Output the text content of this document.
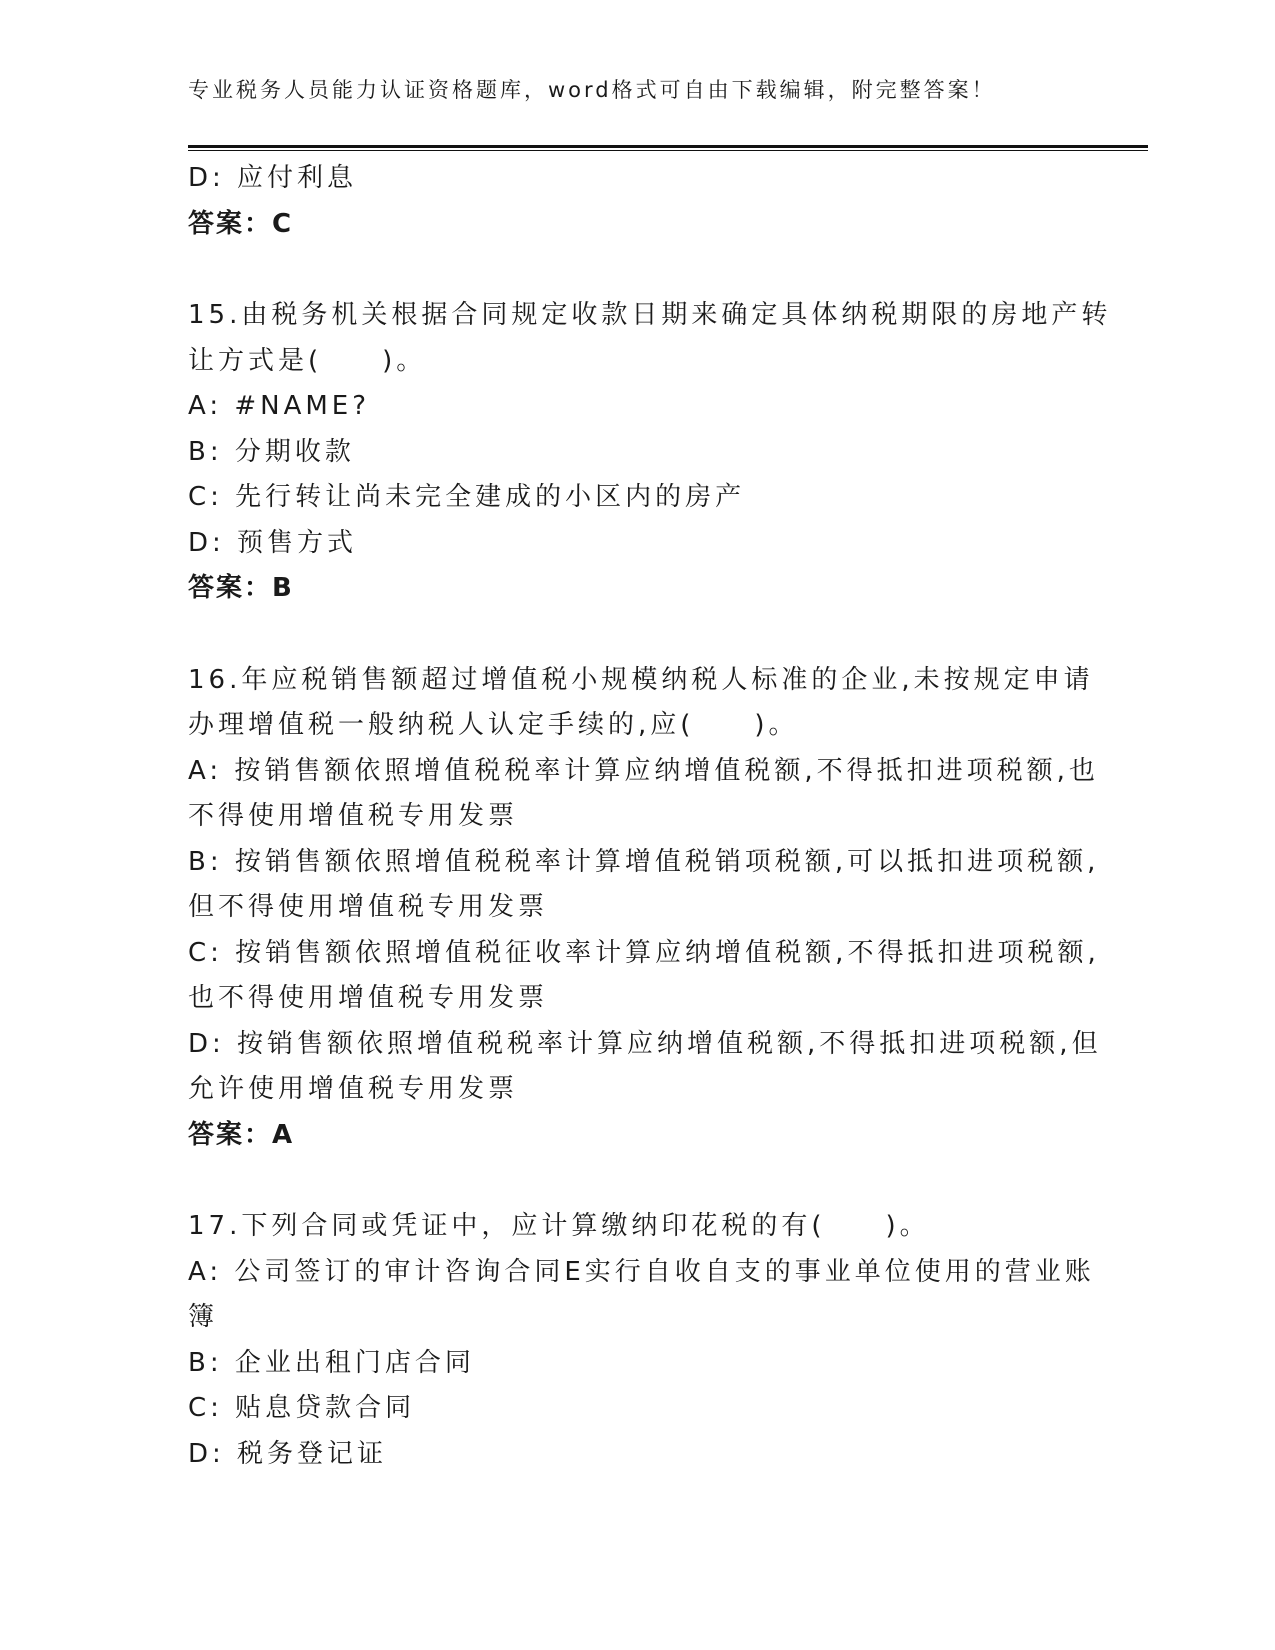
专业税务人员能力认证资格题库，word格式可自由下载编辑，附完整答案！
D: 应付利息
答案：C
15.由税务机关根据合同规定收款日期来确定具体纳税期限的房地产转
让方式是(　　)。
A: #NAME?
B: 分期收款
C: 先行转让尚未完全建成的小区内的房产
D: 预售方式
答案：B
16.年应税销售额超过增值税小规模纳税人标准的企业,未按规定申请
办理增值税一般纳税人认定手续的,应(　　)。
A: 按销售额依照增值税税率计算应纳增值税额,不得抵扣进项税额,也
不得使用增值税专用发票
B: 按销售额依照增值税税率计算增值税销项税额,可以抵扣进项税额,
但不得使用增值税专用发票
C: 按销售额依照增值税征收率计算应纳增值税额,不得抵扣进项税额,
也不得使用增值税专用发票
D: 按销售额依照增值税税率计算应纳增值税额,不得抵扣进项税额,但
允许使用增值税专用发票
答案：A
17.下列合同或凭证中，应计算缴纳印花税的有(　　)。
A: 公司签订的审计咨询合同E实行自收自支的事业单位使用的营业账
簿
B: 企业出租门店合同
C: 贴息贷款合同
D: 税务登记证
